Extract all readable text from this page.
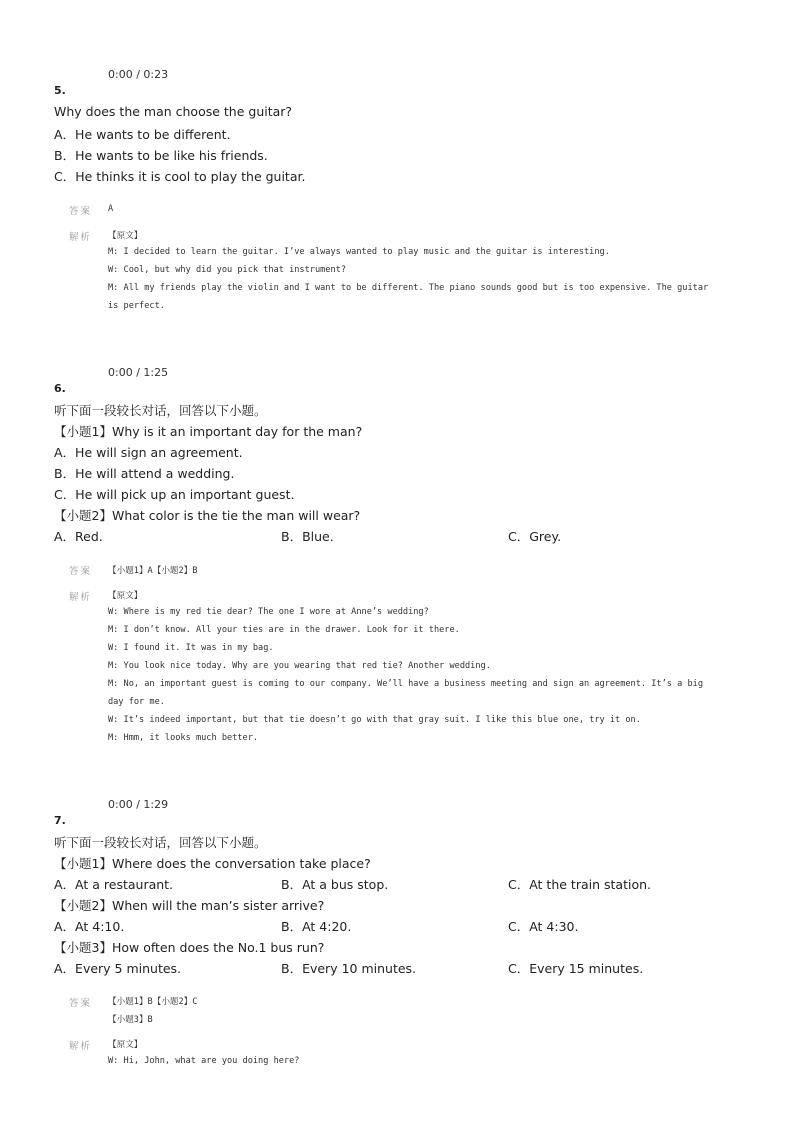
0:00 / 0:23
5.
Why does the man choose the guitar?
A．He wants to be different.
B．He wants to be like his friends.
C．He thinks it is cool to play the guitar.
答案 A
解析 【原文】
M: I decided to learn the guitar. I’ve always wanted to play music and the guitar is interesting.
W: Cool, but why did you pick that instrument?
M: All my friends play the violin and I want to be different. The piano sounds good but is too expensive. The guitar
is perfect.
0:00 / 1:25
6.
听下面一段较长对话，回答以下小题。
【小题1】Why is it an important day for the man?
A．He will sign an agreement.
B．He will attend a wedding.
C．He will pick up an important guest.
【小题2】What color is the tie the man will wear?
A．Red.	B．Blue.	C．Grey.
答案 【小题1】A【小题2】B
解析 【原文】
W: Where is my red tie dear? The one I wore at Anne’s wedding?
M: I don’t know. All your ties are in the drawer. Look for it there.
W: I found it. It was in my bag.
M: You look nice today. Why are you wearing that red tie? Another wedding.
M: No, an important guest is coming to our company. We’ll have a business meeting and sign an agreement. It’s a big
day for me.
W: It’s indeed important, but that tie doesn’t go with that gray suit. I like this blue one, try it on.
M: Hmm, it looks much better.
0:00 / 1:29
7.
听下面一段较长对话，回答以下小题。
【小题1】Where does the conversation take place?
A．At a restaurant.	B．At a bus stop.	C．At the train station.
【小题2】When will the man’s sister arrive?
A．At 4:10.	B．At 4:20.	C．At 4:30.
【小题3】How often does the No.1 bus run?
A．Every 5 minutes.	B．Every 10 minutes.	C．Every 15 minutes.
答案 【小题1】B【小题2】C
【小题3】B
解析 【原文】
W: Hi, John, what are you doing here?
